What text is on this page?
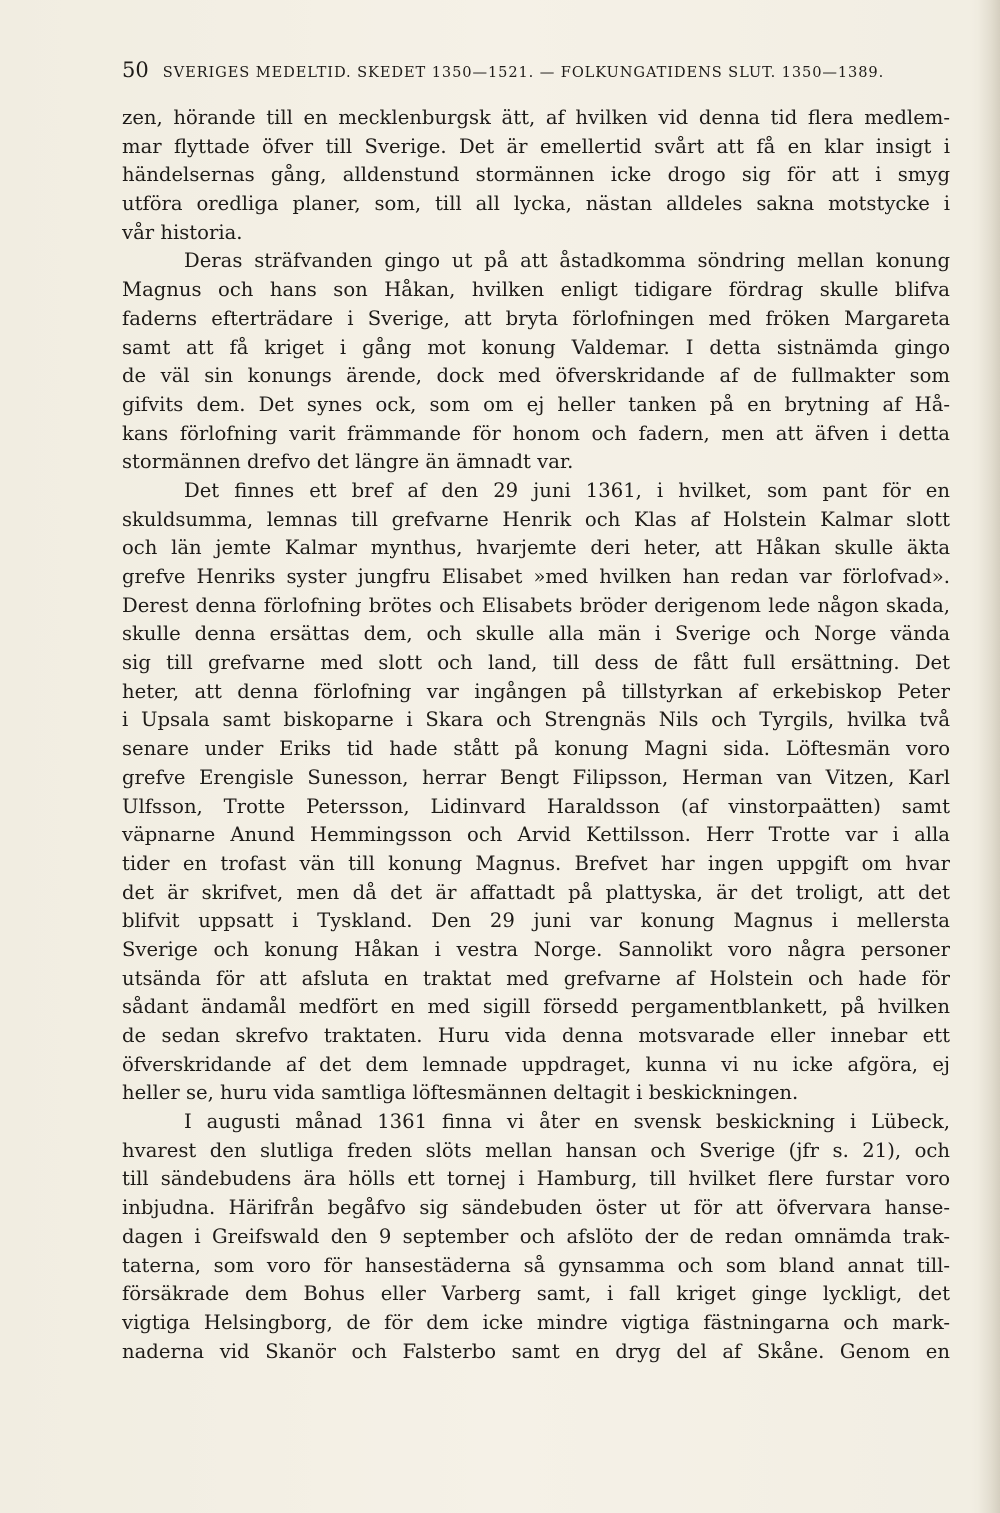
50 SVERIGES MEDELTID. SKEDET 1350—1521. — FOLKUNGATIDENS SLUT. 1350—1389.
zen, hörande till en mecklenburgsk ätt, af hvilken vid denna tid flera medlem-
mar flyttade öfver till Sverige. Det är emellertid svårt att få en klar insigt i
händelsernas gång, alldenstund stormännen icke drogo sig för att i smyg
utföra oredliga planer, som, till all lycka, nästan alldeles sakna motstycke i
vår historia.
Deras sträfvanden gingo ut på att åstadkomma söndring mellan konung
Magnus och hans son Håkan, hvilken enligt tidigare fördrag skulle blifva
faderns efterträdare i Sverige, att bryta förlofningen med fröken Margareta
samt att få kriget i gång mot konung Valdemar. I detta sistnämda gingo
de väl sin konungs ärende, dock med öfverskridande af de fullmakter som
gifvits dem. Det synes ock, som om ej heller tanken på en brytning af Hå-
kans förlofning varit främmande för honom och fadern, men att äfven i detta
stormännen drefvo det längre än ämnadt var.
Det finnes ett bref af den 29 juni 1361, i hvilket, som pant för en
skuldsumma, lemnas till grefvarne Henrik och Klas af Holstein Kalmar slott
och län jemte Kalmar mynthus, hvarjemte deri heter, att Håkan skulle äkta
grefve Henriks syster jungfru Elisabet »med hvilken han redan var förlofvad».
Derest denna förlofning brötes och Elisabets bröder derigenom lede någon skada,
skulle denna ersättas dem, och skulle alla män i Sverige och Norge vända
sig till grefvarne med slott och land, till dess de fått full ersättning. Det
heter, att denna förlofning var ingången på tillstyrkan af erkebiskop Peter
i Upsala samt biskoparne i Skara och Strengnäs Nils och Tyrgils, hvilka två
senare under Eriks tid hade stått på konung Magni sida. Löftesmän voro
grefve Erengisle Sunesson, herrar Bengt Filipsson, Herman van Vitzen, Karl
Ulfsson, Trotte Petersson, Lidinvard Haraldsson (af vinstorpaätten) samt
väpnarne Anund Hemmingsson och Arvid Kettilsson. Herr Trotte var i alla
tider en trofast vän till konung Magnus. Brefvet har ingen uppgift om hvar
det är skrifvet, men då det är affattadt på plattyska, är det troligt, att det
blifvit uppsatt i Tyskland. Den 29 juni var konung Magnus i mellersta
Sverige och konung Håkan i vestra Norge. Sannolikt voro några personer
utsända för att afsluta en traktat med grefvarne af Holstein och hade för
sådant ändamål medfört en med sigill försedd pergamentblankett, på hvilken
de sedan skrefvo traktaten. Huru vida denna motsvarade eller innebar ett
öfverskridande af det dem lemnade uppdraget, kunna vi nu icke afgöra, ej
heller se, huru vida samtliga löftesmännen deltagit i beskickningen.
I augusti månad 1361 finna vi åter en svensk beskickning i Lübeck,
hvarest den slutliga freden slöts mellan hansan och Sverige (jfr s. 21), och
till sändebudens ära hölls ett tornej i Hamburg, till hvilket flere furstar voro
inbjudna. Härifrån begåfvo sig sändebuden öster ut för att öfvervara hanse-
dagen i Greifswald den 9 september och afslöto der de redan omnämda trak-
taterna, som voro för hansestäderna så gynsamma och som bland annat till-
försäkrade dem Bohus eller Varberg samt, i fall kriget ginge lyckligt, det
vigtiga Helsingborg, de för dem icke mindre vigtiga fästningarna och mark-
naderna vid Skanör och Falsterbo samt en dryg del af Skåne. Genom en
